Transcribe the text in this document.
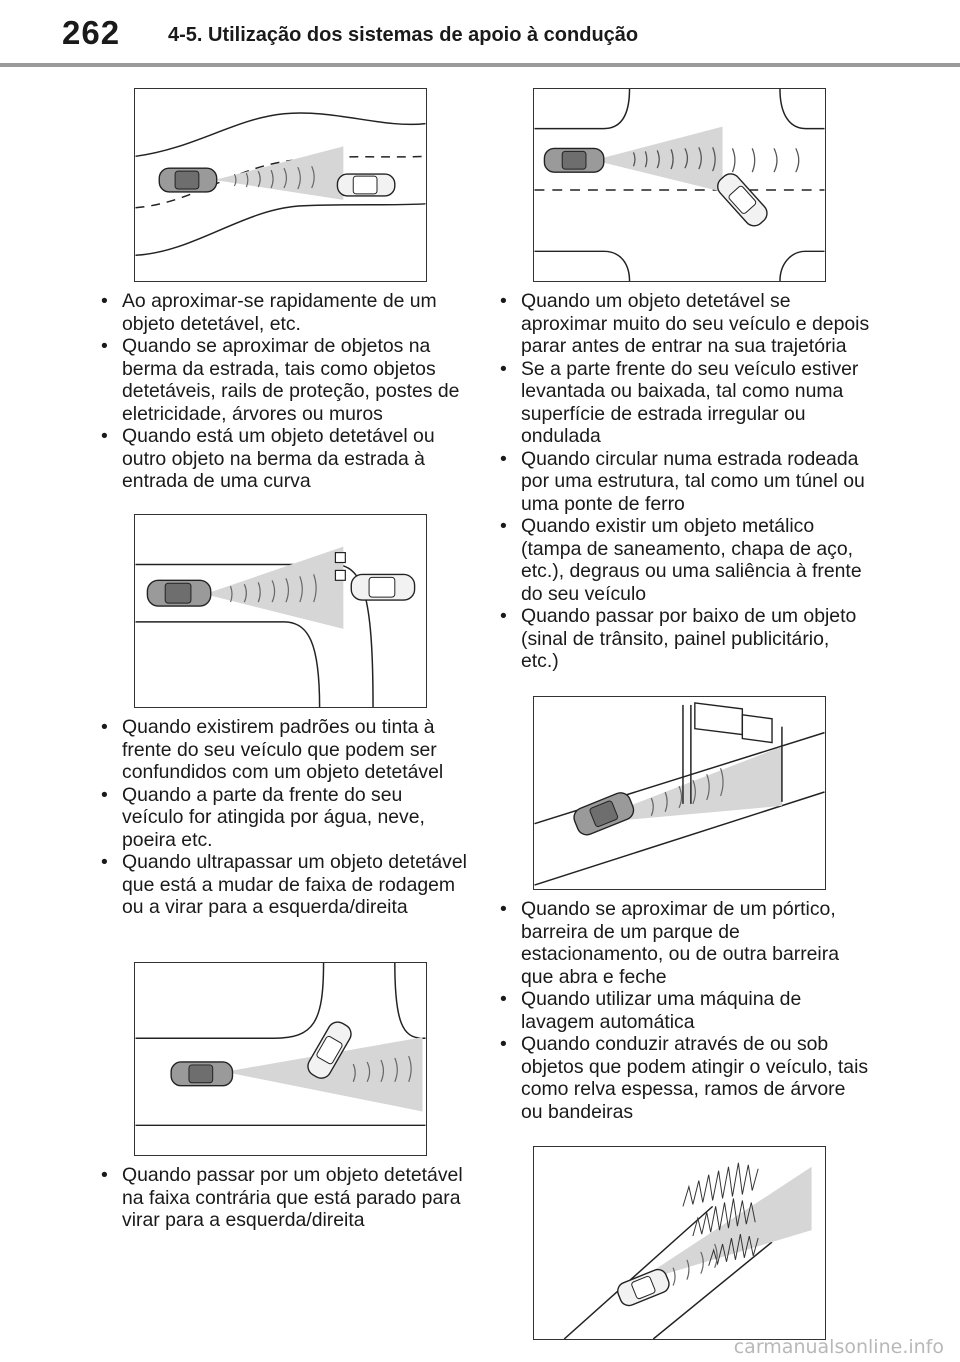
262 4-5. Utilização dos sistemas de apoio à condução
• Ao aproximar-se rapidamente de um objeto detetável, etc.
• Quando se aproximar de objetos na berma da estrada, tais como objetos detetáveis, rails de proteção, postes de eletricidade, árvores ou muros
• Quando está um objeto detetável ou outro objeto na berma da estrada à entrada de uma curva
• Quando existirem padrões ou tinta à frente do seu veículo que podem ser confundidos com um objeto detetável
• Quando a parte da frente do seu veículo for atingida por água, neve, poeira etc.
• Quando ultrapassar um objeto detetável que está a mudar de faixa de rodagem ou a virar para a esquerda/direita
• Quando passar por um objeto detetável na faixa contrária que está parado para virar para a esquerda/direita
• Quando um objeto detetável se aproximar muito do seu veículo e depois parar antes de entrar na sua trajetória
• Se a parte frente do seu veículo estiver levantada ou baixada, tal como numa superfície de estrada irregular ou ondulada
• Quando circular numa estrada rodeada por uma estrutura, tal como um túnel ou uma ponte de ferro
• Quando existir um objeto metálico (tampa de saneamento, chapa de aço, etc.), degraus ou uma saliência à frente do seu veículo
• Quando passar por baixo de um objeto (sinal de trânsito, painel publicitário, etc.)
• Quando se aproximar de um pórtico, barreira de um parque de estacionamento, ou de outra barreira que abra e feche
• Quando utilizar uma máquina de lavagem automática
• Quando conduzir através de ou sob objetos que podem atingir o veículo, tais como relva espessa, ramos de árvore ou bandeiras
carmanualsonline.info
